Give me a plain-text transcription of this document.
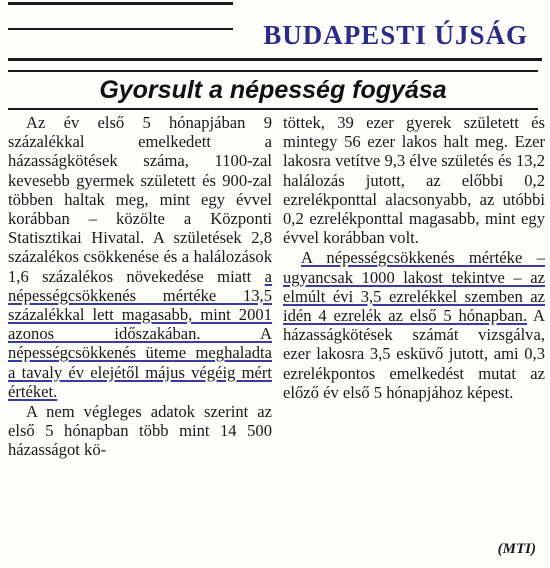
BUDAPESTI ÚJSÁG
Gyorsult a népesség fogyása

Az év első 5 hónapjában 9 százalékkal emelkedett a házasságkötések száma, 1100-zal kevesebb gyermek született és 900-zal többen haltak meg, mint egy évvel korábban – közölte a Központi Statisztikai Hivatal. A születések 2,8 százalékos csökkenése és a halálozások 1,6 százalékos növekedése miatt a népességcsökkenés mértéke 13,5 százalékkal lett magasabb, mint 2001 azonos időszakában. A népességcsökkenés üteme meghaladta a tavaly év elejétől május végéig mért értéket.

A nem végleges adatok szerint az első 5 hónapban több mint 14 500 házasságot kö-

töttek, 39 ezer gyerek született és mintegy 56 ezer lakos halt meg. Ezer lakosra vetítve 9,3 élve születés és 13,2 halálozás jutott, az előbbi 0,2 ezrelékponttal alacsonyabb, az utóbbi 0,2 ezrelékponttal magasabb, mint egy évvel korábban volt.

A népességcsökkenés mértéke – ugyancsak 1000 lakost tekintve – az elmúlt évi 3,5 ezrelékkel szemben az idén 4 ezrelék az első 5 hónapban. A házasságkötések számát vizsgálva, ezer lakosra 3,5 esküvő jutott, ami 0,3 ezrelékpontos emelkedést mutat az előző év első 5 hónapjához képest.

(MTI)
